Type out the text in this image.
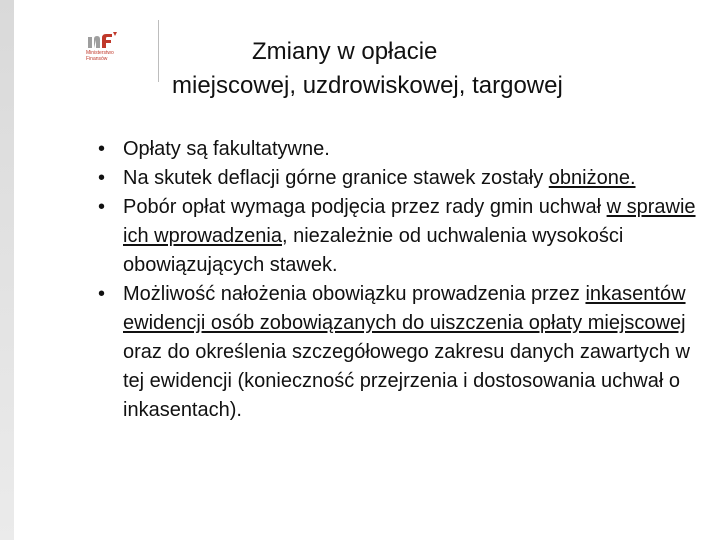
Ministerstwo
Finansów	Zmiany w opłacie
miejscowej, uzdrowiskowej, targowej
• Opłaty są fakultatywne.
• Na skutek deflacji górne granice stawek zostały obniżone.
• Pobór opłat wymaga podjęcia przez rady gmin uchwał w sprawie ich wprowadzenia, niezależnie od uchwalenia wysokości obowiązujących stawek.
• Możliwość nałożenia obowiązku prowadzenia przez inkasentów ewidencji osób zobowiązanych do uiszczenia opłaty miejscowej oraz do określenia szczegółowego zakresu danych zawartych w tej ewidencji (konieczność przejrzenia i dostosowania uchwał o inkasentach).
